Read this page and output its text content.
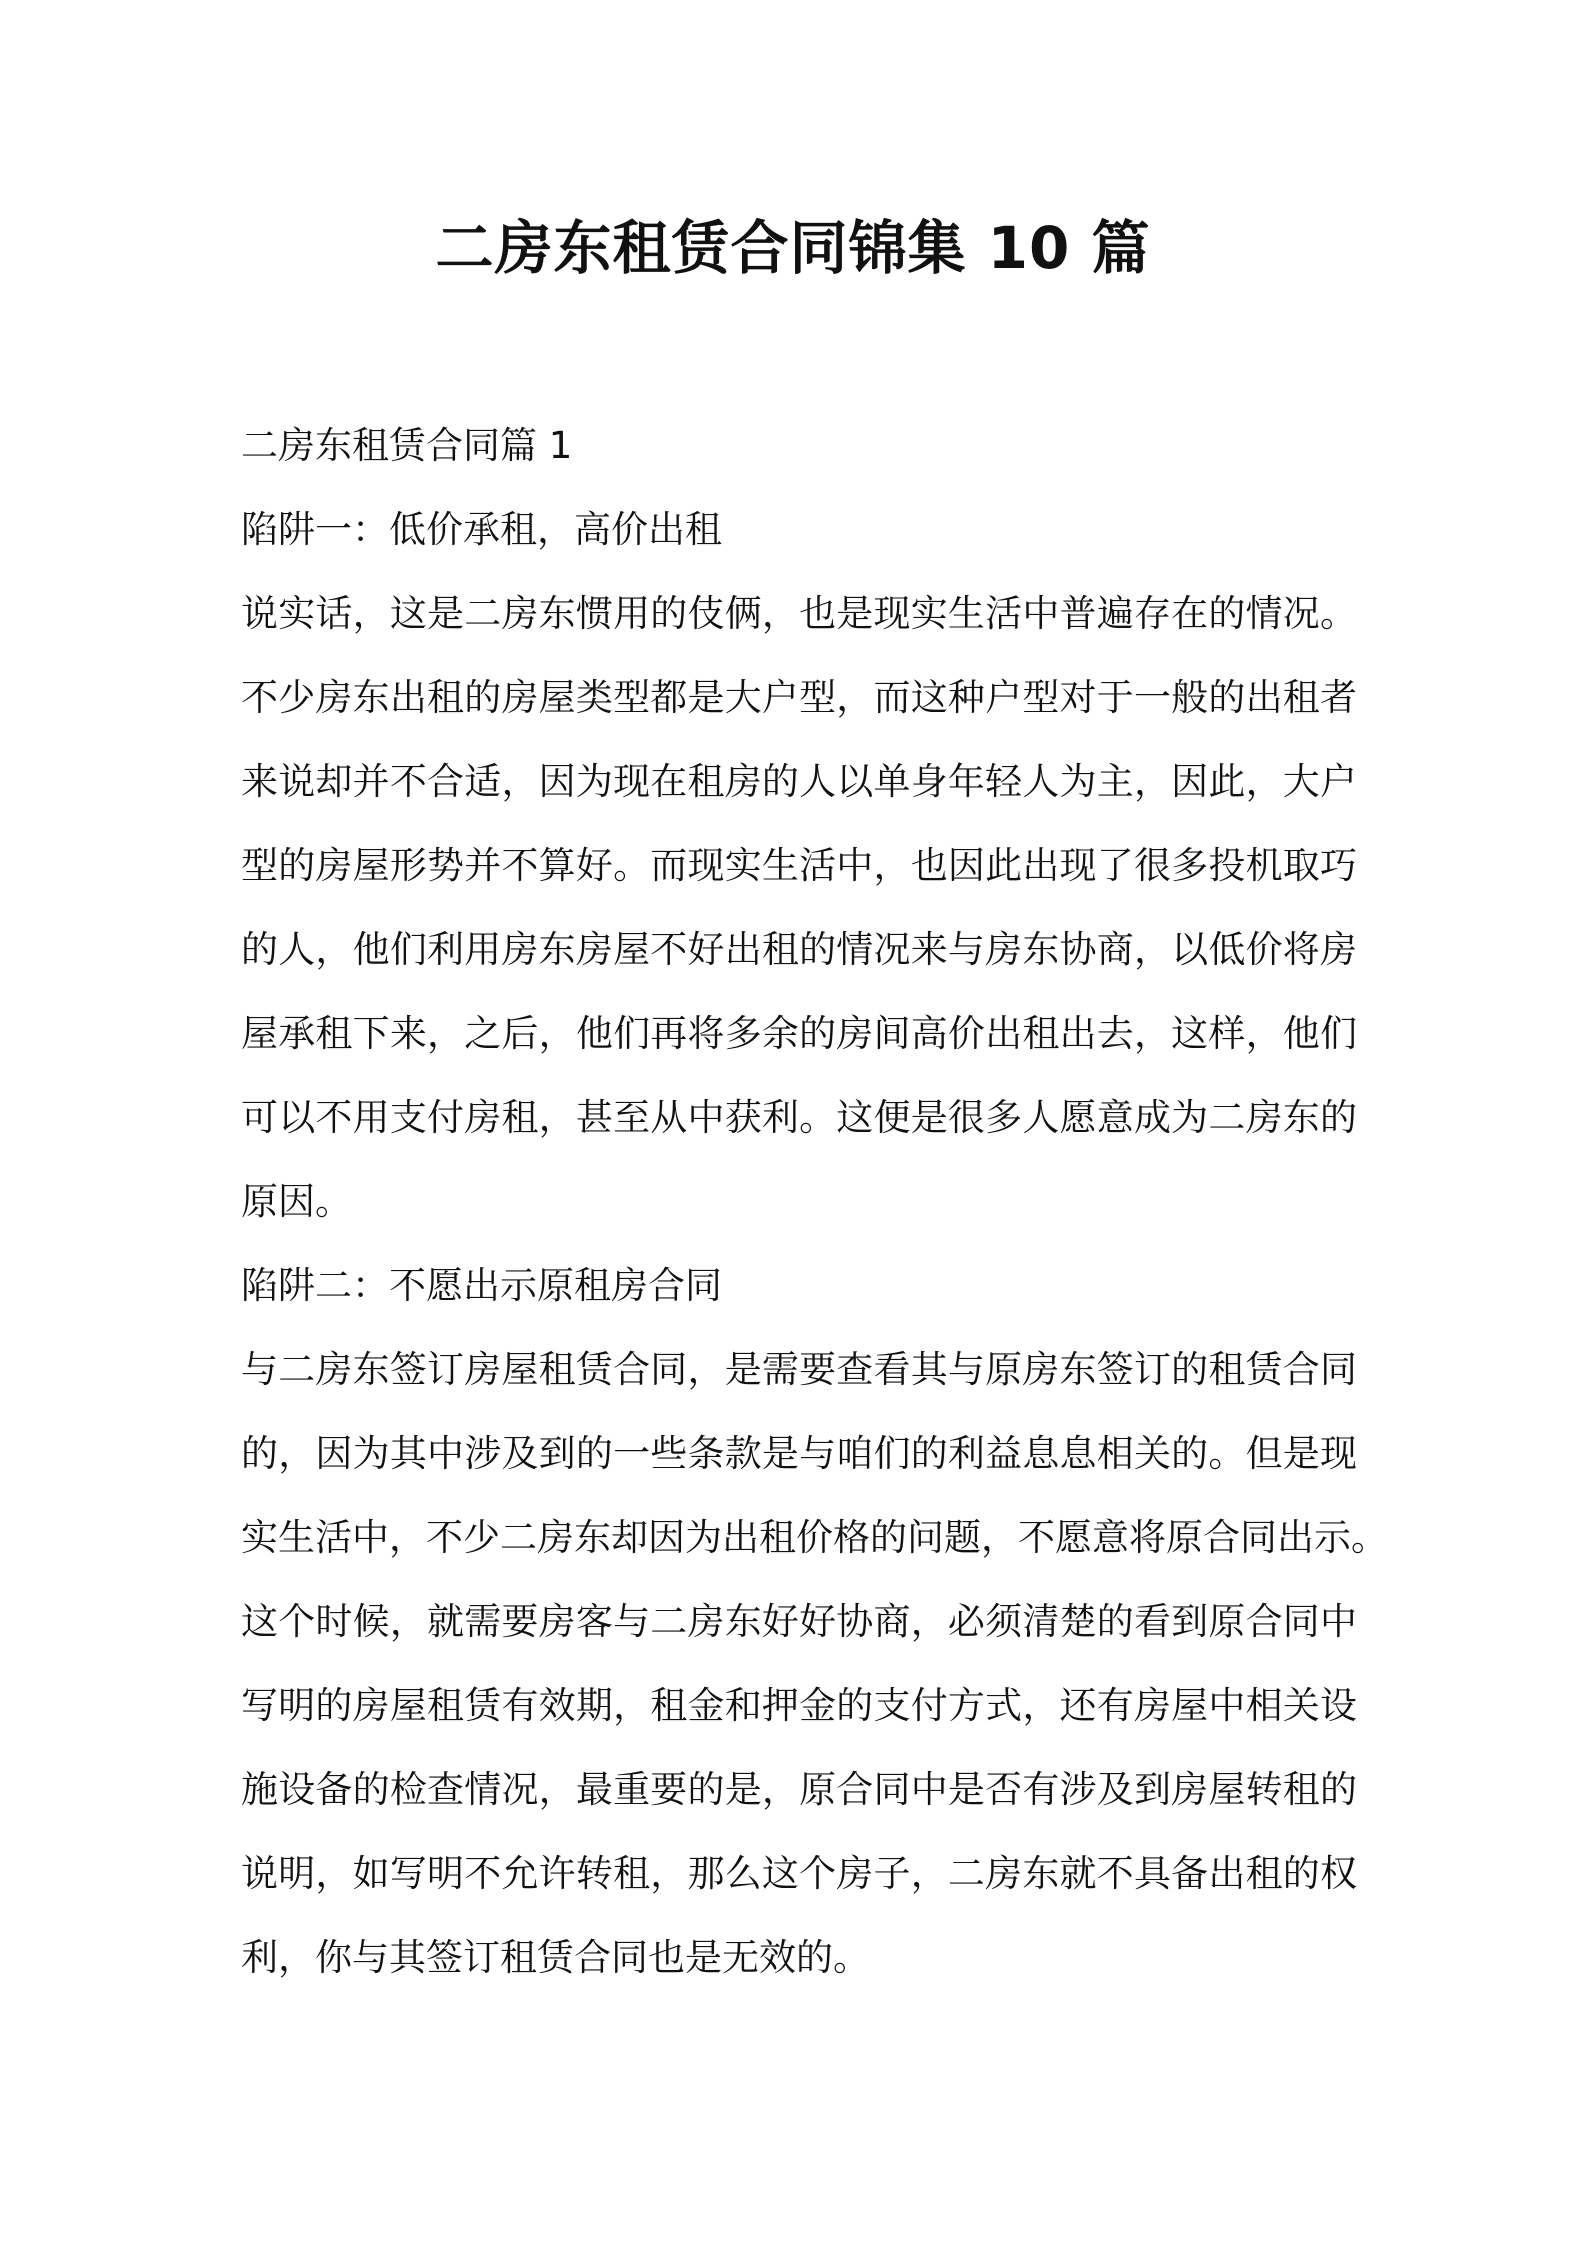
二房东租赁合同锦集 10 篇
二房东租赁合同篇 1
陷阱一：低价承租，高价出租
说实话，这是二房东惯用的伎俩，也是现实生活中普遍存在的情况。
不少房东出租的房屋类型都是大户型，而这种户型对于一般的出租者
来说却并不合适，因为现在租房的人以单身年轻人为主，因此，大户
型的房屋形势并不算好。而现实生活中，也因此出现了很多投机取巧
的人，他们利用房东房屋不好出租的情况来与房东协商，以低价将房
屋承租下来，之后，他们再将多余的房间高价出租出去，这样，他们
可以不用支付房租，甚至从中获利。这便是很多人愿意成为二房东的
原因。
陷阱二：不愿出示原租房合同
与二房东签订房屋租赁合同，是需要查看其与原房东签订的租赁合同
的，因为其中涉及到的一些条款是与咱们的利益息息相关的。但是现
实生活中，不少二房东却因为出租价格的问题，不愿意将原合同出示。
这个时候，就需要房客与二房东好好协商，必须清楚的看到原合同中
写明的房屋租赁有效期，租金和押金的支付方式，还有房屋中相关设
施设备的检查情况，最重要的是，原合同中是否有涉及到房屋转租的
说明，如写明不允许转租，那么这个房子，二房东就不具备出租的权
利，你与其签订租赁合同也是无效的。
